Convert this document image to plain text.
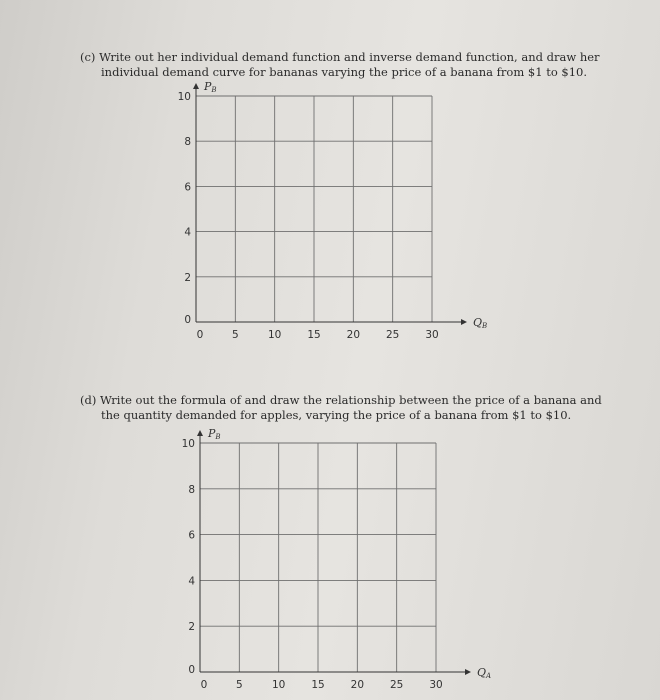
(c) Write out her individual demand function and inverse demand function, and draw her
individual demand curve for bananas varying the price of a banana from $1 to $10.
10
8
6
4
2
0
0	5	10 15 20 25 30
PB
QB
(d) Write out the formula of and draw the relationship between the price of a banana and
the quantity demanded for apples, varying the price of a banana from $1 to $10.
10
8
6
4
2
0
0	5	10 15 20 25 30
PB
QA
